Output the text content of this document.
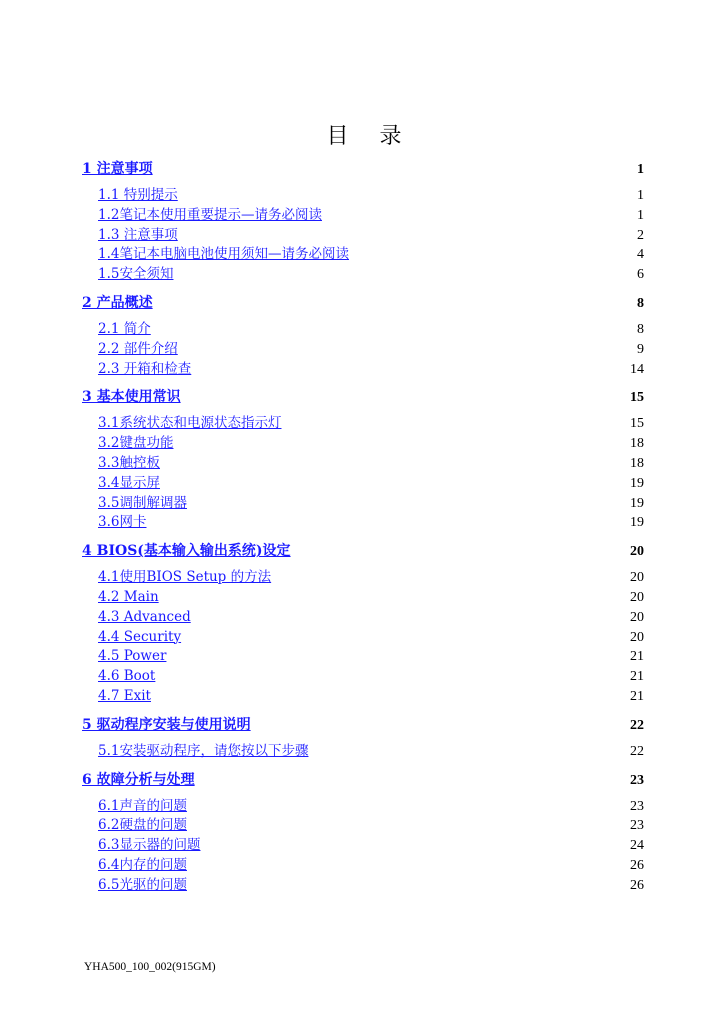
目 录
1 注意事项	1
1.1 特别提示	1
1.2笔记本使用重要提示—请务必阅读	1
1.3 注意事项	2
1.4笔记本电脑电池使用须知—请务必阅读	4
1.5安全须知	6
2 产品概述	8
2.1 简介	8
2.2 部件介绍	9
2.3 开箱和检查	14
3 基本使用常识	15
3.1系统状态和电源状态指示灯	15
3.2键盘功能	18
3.3触控板	18
3.4显示屏	19
3.5调制解调器	19
3.6网卡	19
4 BIOS(基本输入输出系统)设定	20
4.1使用BIOS Setup 的方法	20
4.2 Main	20
4.3 Advanced	20
4.4 Security	20
4.5 Power	21
4.6 Boot	21
4.7 Exit	21
5 驱动程序安装与使用说明	22
5.1安装驱动程序，请您按以下步骤	22
6 故障分析与处理	23
6.1声音的问题	23
6.2硬盘的问题	23
6.3显示器的问题	24
6.4内存的问题	26
6.5光驱的问题	26
YHA500_100_002(915GM)
